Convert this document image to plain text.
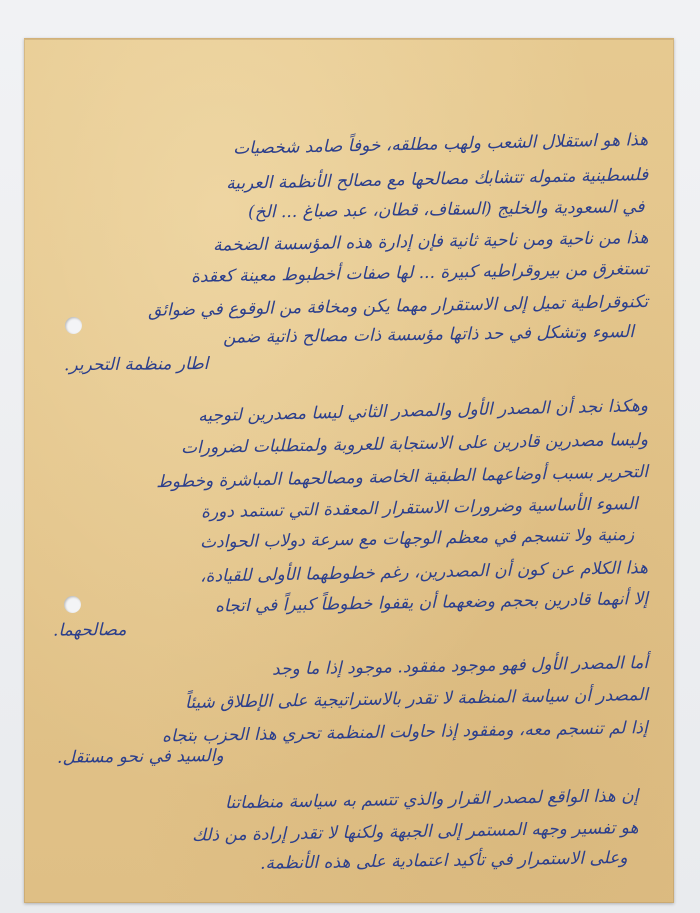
هذا هو استقلال الشعب ولهب مطلقه، خوفاً صامد شخصيات
فلسطينية متموله تتشابك مصالحها مع مصالح الأنظمة العربية
في السعودية والخليج (السقاف، قطان، عبد صباغ ... الخ)
هذا من ناحية ومن ناحية ثانية فإن إدارة هذه المؤسسة الضخمة
تستغرق من بيروقراطيه كبيرة ... لها صفات أخطبوط معينة كعقدة
تكنوقراطية تميل إلى الاستقرار مهما يكن ومخافة من الوقوع في ضوائق
السوء وتشكل في حد ذاتها مؤسسة ذات مصالح ذاتية ضمن
اطار منظمة التحرير.
وهكذا نجد أن المصدر الأول والمصدر الثاني ليسا مصدرين لتوجيه
وليسا مصدرين قادرين على الاستجابة للعروبة ولمتطلبات لضرورات
التحرير بسبب أوضاعهما الطبقية الخاصة ومصالحهما المباشرة وخطوط
السوء الأساسية وضرورات الاستقرار المعقدة التي تستمد دورة
زمنية ولا تنسجم في معظم الوجهات مع سرعة دولاب الحوادث
هذا الكلام عن كون أن المصدرين، رغم خطوطهما الأولى للقيادة،
إلا أنهما قادرين بحجم وضعهما أن يقفوا خطوطاً كبيراً في اتجاه
مصالحهما.
أما المصدر الأول فهو موجود مفقود. موجود إذا ما وجد
المصدر أن سياسة المنظمة لا تقدر بالاستراتيجية على الإطلاق شيئاً
إذا لم تنسجم معه، ومفقود إذا حاولت المنظمة تحري هذا الحزب بتجاه
والسيد في نحو مستقل.
إن هذا الواقع لمصدر القرار والذي تتسم به سياسة منظماتنا
هو تفسير وجهه المستمر إلى الجبهة ولكنها لا تقدر إرادة من ذلك
وعلى الاستمرار في تأكيد اعتمادية على هذه الأنظمة.
